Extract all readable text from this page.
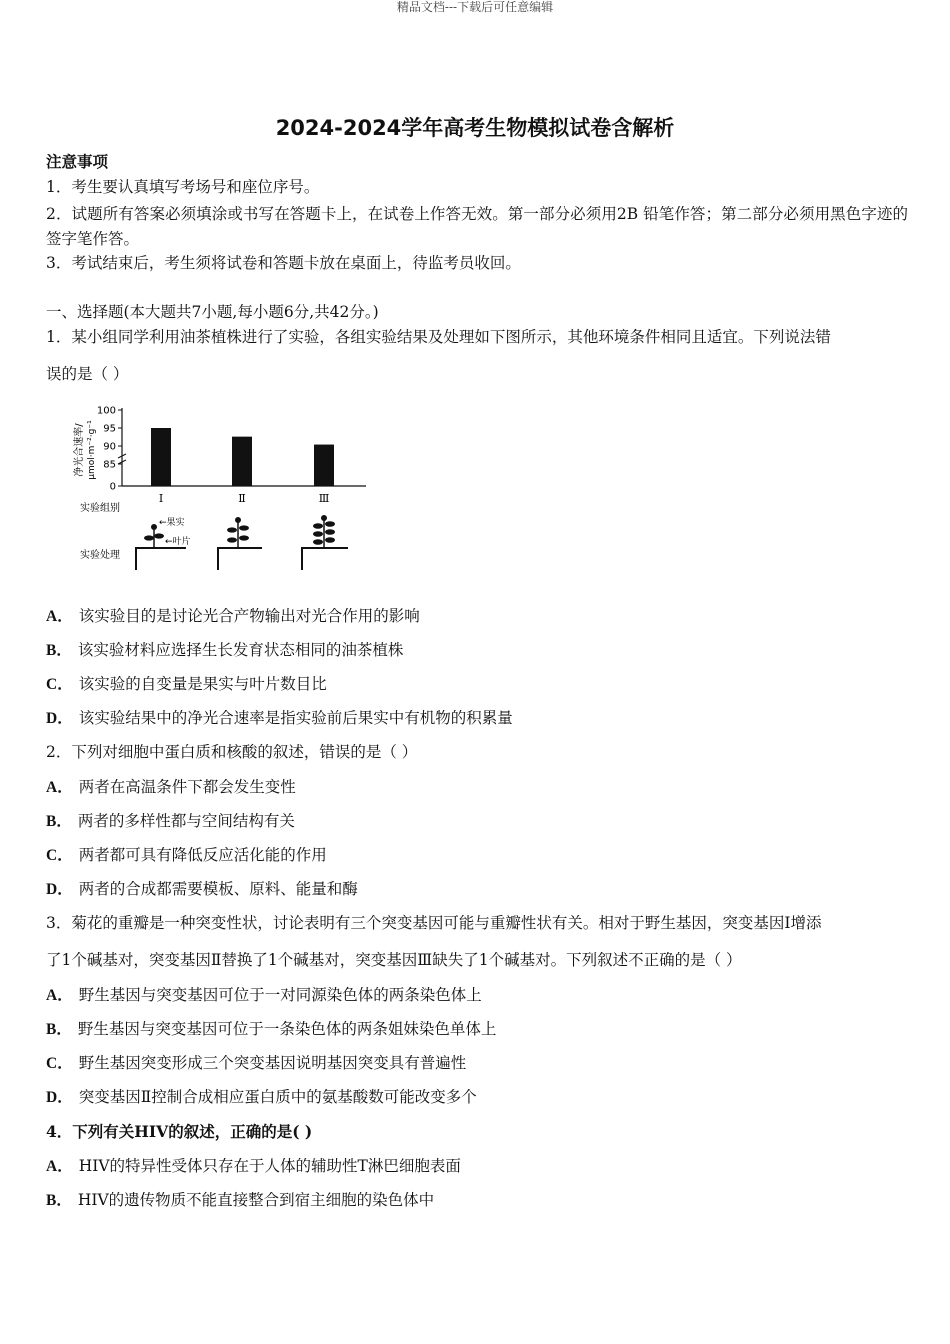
精品文档---下载后可任意编辑
2024-2024学年高考生物模拟试卷含解析
注意事项
1．考生要认真填写考场号和座位序号。
2．试题所有答案必须填涂或书写在答题卡上，在试卷上作答无效。第一部分必须用2B 铅笔作答；第二部分必须用黑色字迹的签字笔作答。
3．考试结束后，考生须将试卷和答题卡放在桌面上，待监考员收回。
一、选择题(本大题共7小题,每小题6分,共42分。)
1．某小组同学利用油茶植株进行了实验，各组实验结果及处理如下图所示，其他环境条件相同且适宜。下列说法错
误的是（ ）
净光合速率/ μmol·m⁻²·g⁻¹
100
95
90
85
0
Ⅰ	Ⅱ	Ⅲ
实验组别
实验处理
←果实
←叶片
A． 该实验目的是讨论光合产物输出对光合作用的影响
B． 该实验材料应选择生长发育状态相同的油茶植株
C． 该实验的自变量是果实与叶片数目比
D． 该实验结果中的净光合速率是指实验前后果实中有机物的积累量
2．下列对细胞中蛋白质和核酸的叙述，错误的是（ ）
A． 两者在高温条件下都会发生变性
B． 两者的多样性都与空间结构有关
C． 两者都可具有降低反应活化能的作用
D． 两者的合成都需要模板、原料、能量和酶
3．菊花的重瓣是一种突变性状，讨论表明有三个突变基因可能与重瓣性状有关。相对于野生基因，突变基因Ⅰ增添
了1个碱基对，突变基因Ⅱ替换了1个碱基对，突变基因Ⅲ缺失了1个碱基对。下列叙述不正确的是（ ）
A． 野生基因与突变基因可位于一对同源染色体的两条染色体上
B． 野生基因与突变基因可位于一条染色体的两条姐妹染色单体上
C． 野生基因突变形成三个突变基因说明基因突变具有普遍性
D． 突变基因Ⅱ控制合成相应蛋白质中的氨基酸数可能改变多个
4．下列有关HIV的叙述，正确的是( )
A． HIV的特异性受体只存在于人体的辅助性T淋巴细胞表面
B． HIV的遗传物质不能直接整合到宿主细胞的染色体中
